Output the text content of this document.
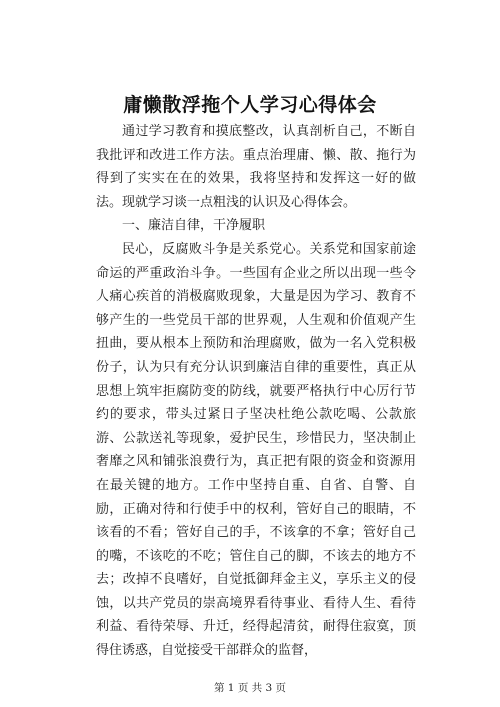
庸懒散浮拖个人学习心得体会

通过学习教育和摸底整改，认真剖析自己，不断自我批评和改进工作方法。重点治理庸、懒、散、拖行为得到了实实在在的效果，我将坚持和发挥这一好的做法。现就学习谈一点粗浅的认识及心得体会。

一、廉洁自律，干净履职

民心，反腐败斗争是关系党心。关系党和国家前途命运的严重政治斗争。一些国有企业之所以出现一些令人痛心疾首的消极腐败现象，大量是因为学习、教育不够产生的一些党员干部的世界观，人生观和价值观产生扭曲，要从根本上预防和治理腐败，做为一名入党积极份子，认为只有充分认识到廉洁自律的重要性，真正从思想上筑牢拒腐防变的防线，就要严格执行中心厉行节约的要求，带头过紧日子坚决杜绝公款吃喝、公款旅游、公款送礼等现象，爱护民生，珍惜民力，坚决制止奢靡之风和铺张浪费行为，真正把有限的资金和资源用在最关键的地方。工作中坚持自重、自省、自警、自励，正确对待和行使手中的权利，管好自己的眼睛，不该看的不看；管好自己的手，不该拿的不拿；管好自己的嘴，不该吃的不吃；管住自己的脚，不该去的地方不去；改掉不良嗜好，自觉抵御拜金主义，享乐主义的侵蚀，以共产党员的崇高境界看待事业、看待人生、看待利益、看待荣辱、升迁，经得起清贫，耐得住寂寞，顶得住诱惑，自觉接受干部群众的监督，

第 1 页 共 3 页
